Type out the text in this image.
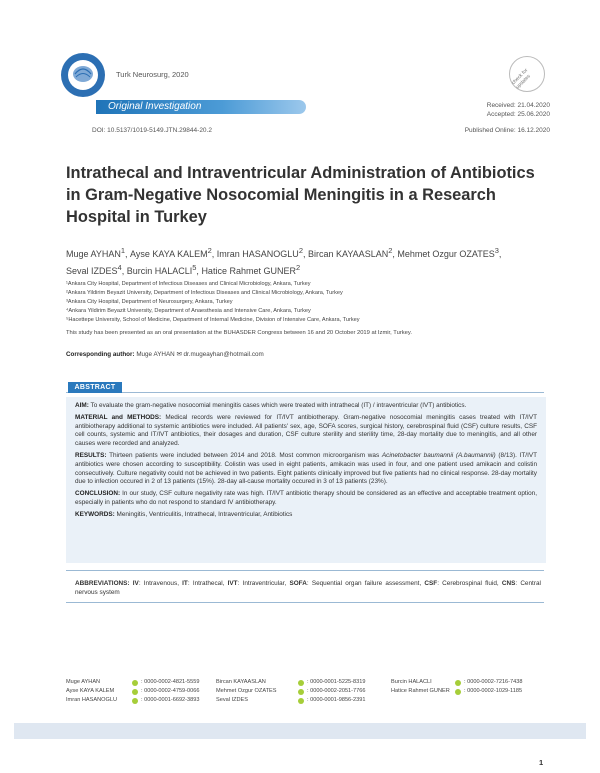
Turk Neurosurg, 2020	check for updates
Original Investigation	Received: 21.04.2020
Accepted: 25.06.2020
DOI: 10.5137/1019-5149.JTN.29844-20.2	Published Online: 16.12.2020
Intrathecal and Intraventricular Administration of Antibiotics in Gram-Negative Nosocomial Meningitis in a Research Hospital in Turkey
Muge AYHAN$^1$, Ayse KAYA KALEM$^2$, Imran HASANOGLU$^2$, Bircan KAYAASLAN$^2$, Mehmet Ozgur OZATES$^3$, Seval IZDES$^4$, Burcin HALACLI$^5$, Hatice Rahmet GUNER$^2$
¹Ankara City Hospital, Department of Infectious Diseases and Clinical Microbiology, Ankara, Turkey
²Ankara Yildirim Beyazit University, Department of Infectious Diseases and Clinical Microbiology, Ankara, Turkey
³Ankara City Hospital, Department of Neurosurgery, Ankara, Turkey
⁴Ankara Yildirim Beyazit University, Department of Anaesthesia and Intensive Care, Ankara, Turkey
⁵Hacettepe University, School of Medicine, Department of Internal Medicine, Division of Intensive Care, Ankara, Turkey
This study has been presented as an oral presentation at the BUHASDER Congress between 16 and 20 October 2019 at Izmir, Turkey.
Corresponding author: Muge AYHAN ✉ dr.mugeayhan@hotmail.com
ABSTRACT

AIM: To evaluate the gram-negative nosocomial meningitis cases which were treated with intrathecal (IT) / intraventricular (IVT) antibiotics.

MATERIAL and METHODS: Medical records were reviewed for IT/IVT antibiotherapy. Gram-negative nosocomial meningitis cases treated with IT/IVT antibiotherapy additional to systemic antibiotics were included. All patients' sex, age, SOFA scores, surgical history, cerebrospinal fluid (CSF) culture results, CSF cell counts, systemic and IT/IVT antibiotics, their dosages and duration, CSF culture sterility and sterility time, 28-day mortality due to meningitis, and all other causes were recorded and analyzed.

RESULTS: Thirteen patients were included between 2014 and 2018. Most common microorganism was Acinetobacter baumannii (A.baumannii) (8/13). IT/IVT antibiotics were chosen according to susceptibility. Colistin was used in eight patients, amikacin was used in four, and one patient used amikacin and colistin consecutively. Culture negativity could not be achieved in two patients. Eight patients clinically improved but five patients had no clinical response. 28-day mortality due to infection occured in 2 of 13 patients (15%). 28-day all-cause mortality occured in 3 of 13 patients (23%).

CONCLUSION: In our study, CSF culture negativity rate was high. IT/IVT antibiotic therapy should be considered as an effective and acceptable treatment option, especially in patients who do not respond to standard IV antibiotherapy.

KEYWORDS: Meningitis, Ventriculitis, Intrathecal, Intraventricular, Antibiotics

ABBREVIATIONS: IV: Intravenous, IT: Intrathecal, IVT: Intraventricular, SOFA: Sequential organ failure assessment, CSF: Cerebrospinal fluid, CNS: Central nervous system
Muge AYHAN	: 0000-0002-4821-5559	Bircan KAYAASLAN	: 0000-0001-5225-8319	Burcin HALACLI	: 0000-0002-7216-7438
Ayse KAYA KALEM	: 0000-0002-4759-0066	Mehmet Ozgur OZATES	: 0000-0002-2051-7766	Hatice Rahmet GUNER	: 0000-0002-1029-1185
Imran HASANOGLU	: 0000-0001-6692-3893	Seval IZDES	: 0000-0001-9856-2391
1
